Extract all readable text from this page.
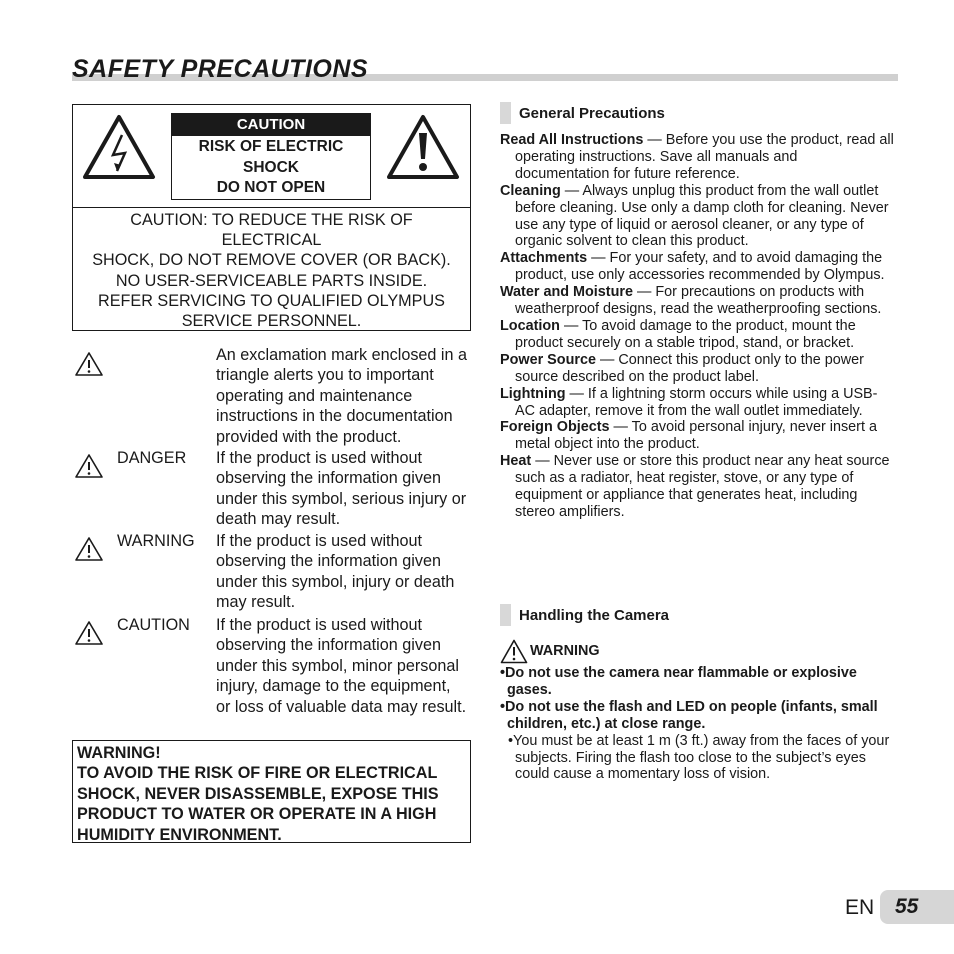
SAFETY PRECAUTIONS
CAUTION
RISK OF ELECTRIC
SHOCK
DO NOT OPEN
CAUTION: TO REDUCE THE RISK OF
ELECTRICAL
SHOCK, DO NOT REMOVE COVER (OR BACK).
NO USER-SERVICEABLE PARTS INSIDE.
REFER SERVICING TO QUALIFIED OLYMPUS
SERVICE PERSONNEL.
An exclamation mark enclosed in a triangle alerts you to important operating and maintenance instructions in the documentation provided with the product.
DANGER If the product is used without observing the information given under this symbol, serious injury or death may result.
WARNING If the product is used without observing the information given under this symbol, injury or death may result.
CAUTION If the product is used without observing the information given under this symbol, minor personal injury, damage to the equipment, or loss of valuable data may result.
WARNING!
TO AVOID THE RISK OF FIRE OR ELECTRICAL SHOCK, NEVER DISASSEMBLE, EXPOSE THIS PRODUCT TO WATER OR OPERATE IN A HIGH HUMIDITY ENVIRONMENT.
General Precautions
Read All Instructions — Before you use the product, read all operating instructions. Save all manuals and documentation for future reference.
Cleaning — Always unplug this product from the wall outlet before cleaning. Use only a damp cloth for cleaning. Never use any type of liquid or aerosol cleaner, or any type of organic solvent to clean this product.
Attachments — For your safety, and to avoid damaging the product, use only accessories recommended by Olympus.
Water and Moisture — For precautions on products with weatherproof designs, read the weatherproofing sections.
Location — To avoid damage to the product, mount the product securely on a stable tripod, stand, or bracket.
Power Source — Connect this product only to the power source described on the product label.
Lightning — If a lightning storm occurs while using a USB-AC adapter, remove it from the wall outlet immediately.
Foreign Objects — To avoid personal injury, never insert a metal object into the product.
Heat — Never use or store this product near any heat source such as a radiator, heat register, stove, or any type of equipment or appliance that generates heat, including stereo amplifiers.
Handling the Camera
WARNING
•Do not use the camera near flammable or explosive gases.
•Do not use the flash and LED on people (infants, small children, etc.) at close range.
•You must be at least 1 m (3 ft.) away from the faces of your subjects. Firing the flash too close to the subject’s eyes could cause a momentary loss of vision.
EN 55
